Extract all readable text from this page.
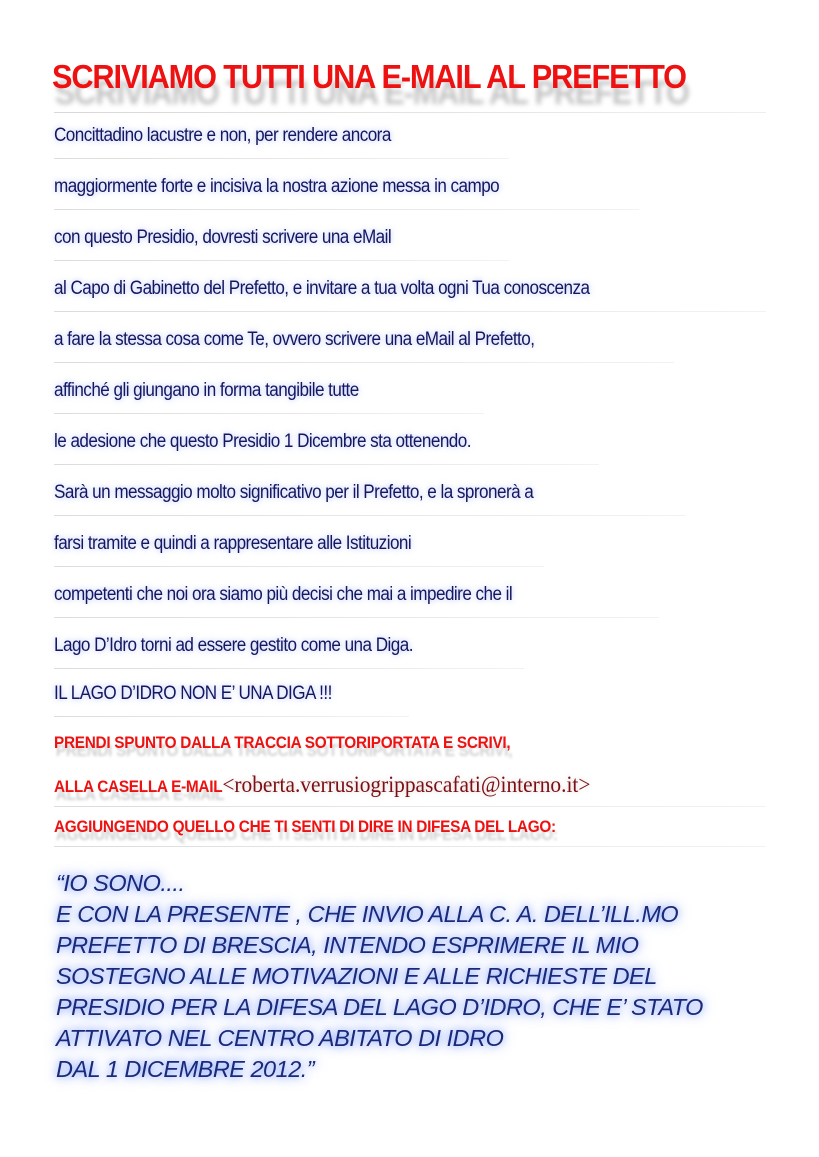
SCRIVIAMO TUTTI UNA E-MAIL AL PREFETTO
Concittadino lacustre e non, per rendere ancora
maggiormente forte e incisiva la nostra azione messa in campo
con questo Presidio, dovresti scrivere una eMail
al Capo di Gabinetto del Prefetto, e invitare a tua volta ogni Tua conoscenza
a fare la stessa cosa come Te, ovvero scrivere una eMail al Prefetto,
affinché gli giungano in forma tangibile tutte
le adesione che questo Presidio 1 Dicembre sta ottenendo.
Sarà un messaggio molto significativo per il Prefetto, e la spronerà a
farsi tramite e quindi a rappresentare alle Istituzioni
competenti che noi ora siamo più decisi che mai a impedire che il
Lago D’Idro torni ad essere gestito come una Diga.
IL LAGO D’IDRO NON E’ UNA DIGA !!!
PRENDI SPUNTO DALLA TRACCIA SOTTORIPORTATA E SCRIVI,
ALLA CASELLA E-MAIL<roberta.verrusiogrippascafati@interno.it>
AGGIUNGENDO QUELLO CHE TI SENTI DI DIRE IN DIFESA DEL LAGO:
“IO SONO....
E CON LA PRESENTE , CHE INVIO ALLA C. A. DELL’ILL.MO
PREFETTO DI BRESCIA, INTENDO ESPRIMERE IL MIO
SOSTEGNO ALLE MOTIVAZIONI E ALLE RICHIESTE DEL
PRESIDIO PER LA DIFESA DEL LAGO D’IDRO, CHE E’ STATO
ATTIVATO NEL CENTRO ABITATO DI IDRO
DAL 1 DICEMBRE 2012.”
